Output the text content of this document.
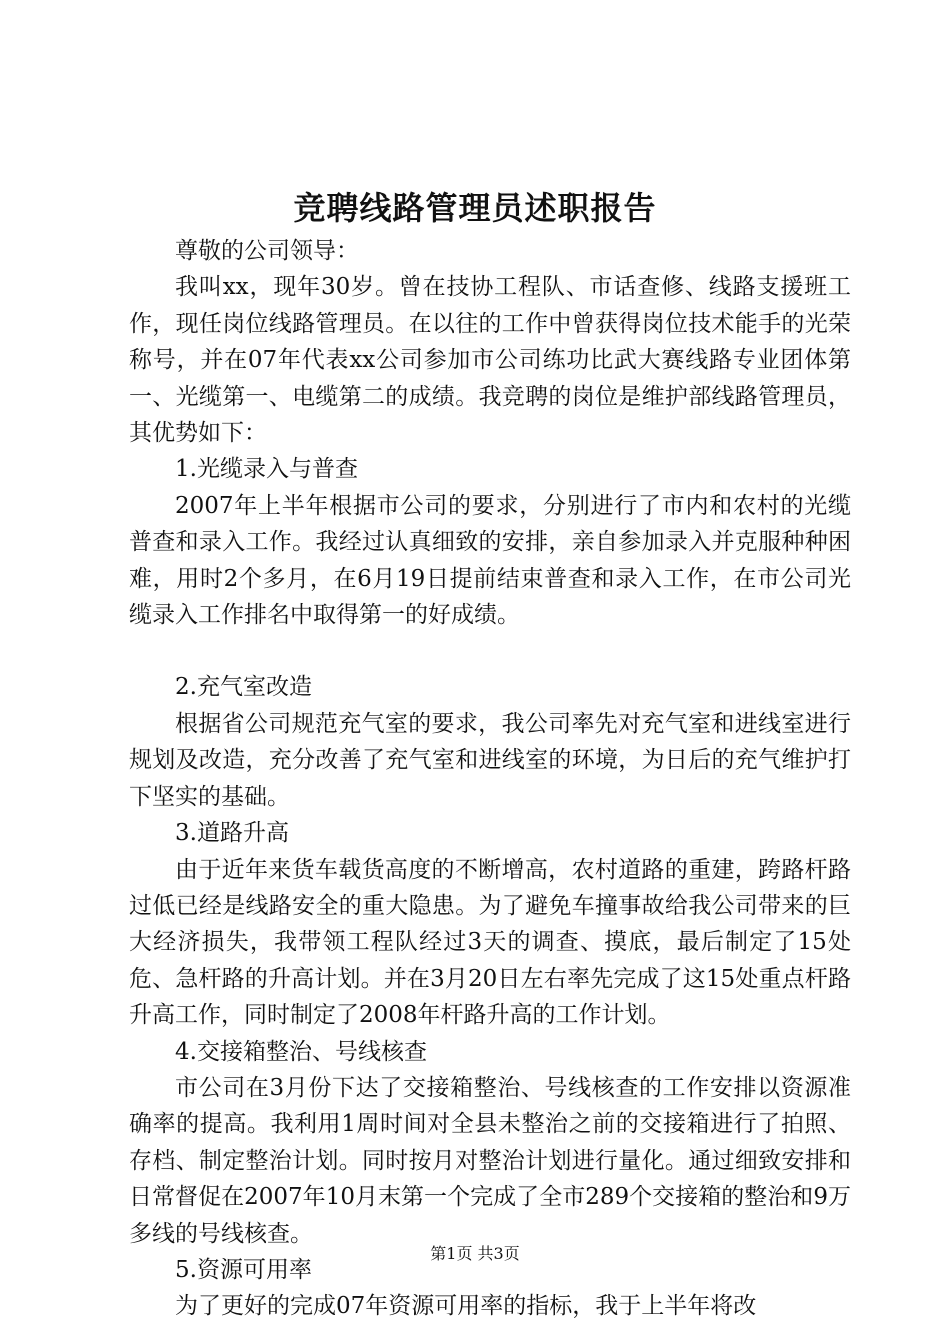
竞聘线路管理员述职报告

尊敬的公司领导：

我叫xx，现年30岁。曾在技协工程队、市话查修、线路支援班工作，现任岗位线路管理员。在以往的工作中曾获得岗位技术能手的光荣称号，并在07年代表xx公司参加市公司练功比武大赛线路专业团体第一、光缆第一、电缆第二的成绩。我竞聘的岗位是维护部线路管理员，其优势如下：

1.光缆录入与普查

2007年上半年根据市公司的要求，分别进行了市内和农村的光缆普查和录入工作。我经过认真细致的安排，亲自参加录入并克服种种困难，用时2个多月，在6月19日提前结束普查和录入工作，在市公司光缆录入工作排名中取得第一的好成绩。

2.充气室改造

根据省公司规范充气室的要求，我公司率先对充气室和进线室进行规划及改造，充分改善了充气室和进线室的环境，为日后的充气维护打下坚实的基础。

3.道路升高

由于近年来货车载货高度的不断增高，农村道路的重建，跨路杆路过低已经是线路安全的重大隐患。为了避免车撞事故给我公司带来的巨大经济损失，我带领工程队经过3天的调查、摸底，最后制定了15处危、急杆路的升高计划。并在3月20日左右率先完成了这15处重点杆路升高工作，同时制定了2008年杆路升高的工作计划。

4.交接箱整治、号线核查

市公司在3月份下达了交接箱整治、号线核查的工作安排以资源准确率的提高。我利用1周时间对全县未整治之前的交接箱进行了拍照、存档、制定整治计划。同时按月对整治计划进行量化。通过细致安排和日常督促在2007年10月末第一个完成了全市289个交接箱的整治和9万多线的号线核查。

5.资源可用率

为了更好的完成07年资源可用率的指标，我于上半年将改

第1页 共3页
